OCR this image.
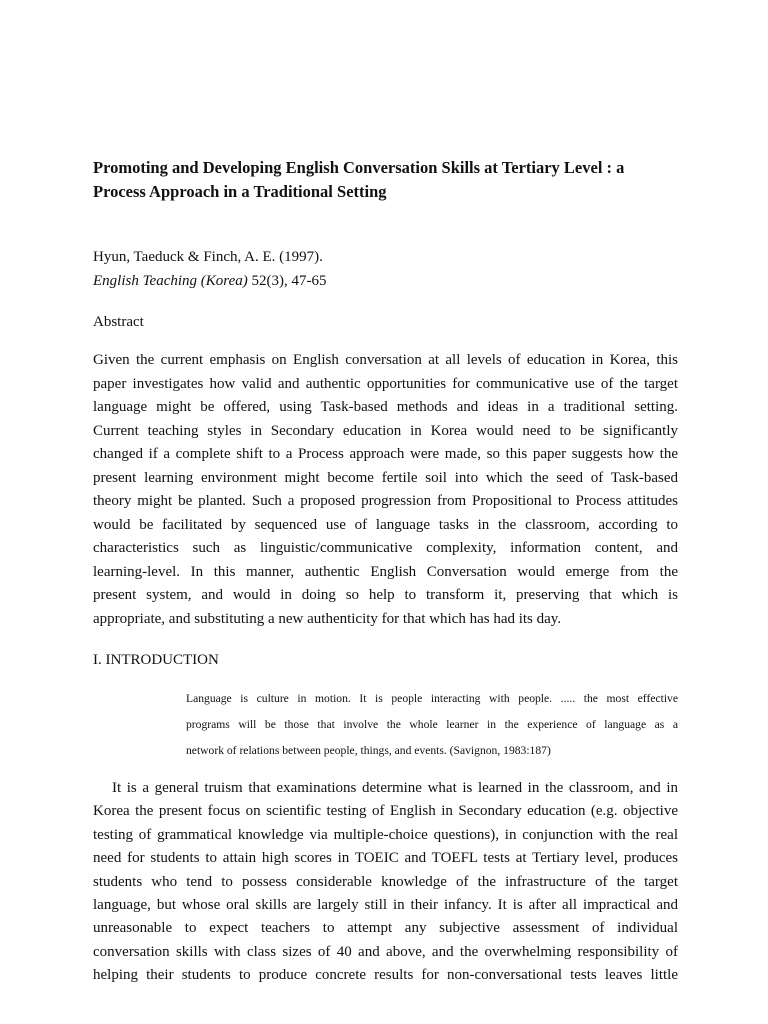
Promoting and Developing English Conversation Skills at Tertiary Level : a
Process Approach in a Traditional Setting
Hyun, Taeduck & Finch, A. E. (1997).
English Teaching (Korea) 52(3), 47-65
Abstract
Given the current emphasis on English conversation at all levels of education in Korea, this
paper investigates how valid and authentic opportunities for communicative use of the target
language might be offered, using Task-based methods and ideas in a traditional setting.
Current teaching styles in Secondary education in Korea would need to be significantly
changed if a complete shift to a Process approach were made, so this paper suggests how the
present learning environment might become fertile soil into which the seed of Task-based
theory might be planted. Such a proposed progression from Propositional to Process attitudes
would be facilitated by sequenced use of language tasks in the classroom, according to
characteristics such as linguistic/communicative complexity, information content, and
learning-level. In this manner, authentic English Conversation would emerge from the
present system, and would in doing so help to transform it, preserving that which is
appropriate, and substituting a new authenticity for that which has had its day.
I. INTRODUCTION
Language is culture in motion. It is people interacting with people. ..... the most effective
programs will be those that involve the whole learner in the experience of language as a
network of relations between people, things, and events. (Savignon, 1983:187)
It is a general truism that examinations determine what is learned in the classroom, and in
Korea the present focus on scientific testing of English in Secondary education (e.g. objective
testing of grammatical knowledge via multiple-choice questions), in conjunction with the real
need for students to attain high scores in TOEIC and TOEFL tests at Tertiary level, produces
students who tend to possess considerable knowledge of the infrastructure of the target
language, but whose oral skills are largely still in their infancy. It is after all impractical and
unreasonable to expect teachers to attempt any subjective assessment of individual
conversation skills with class sizes of 40 and above, and the overwhelming responsibility of
helping their students to produce concrete results for non-conversational tests leaves little
